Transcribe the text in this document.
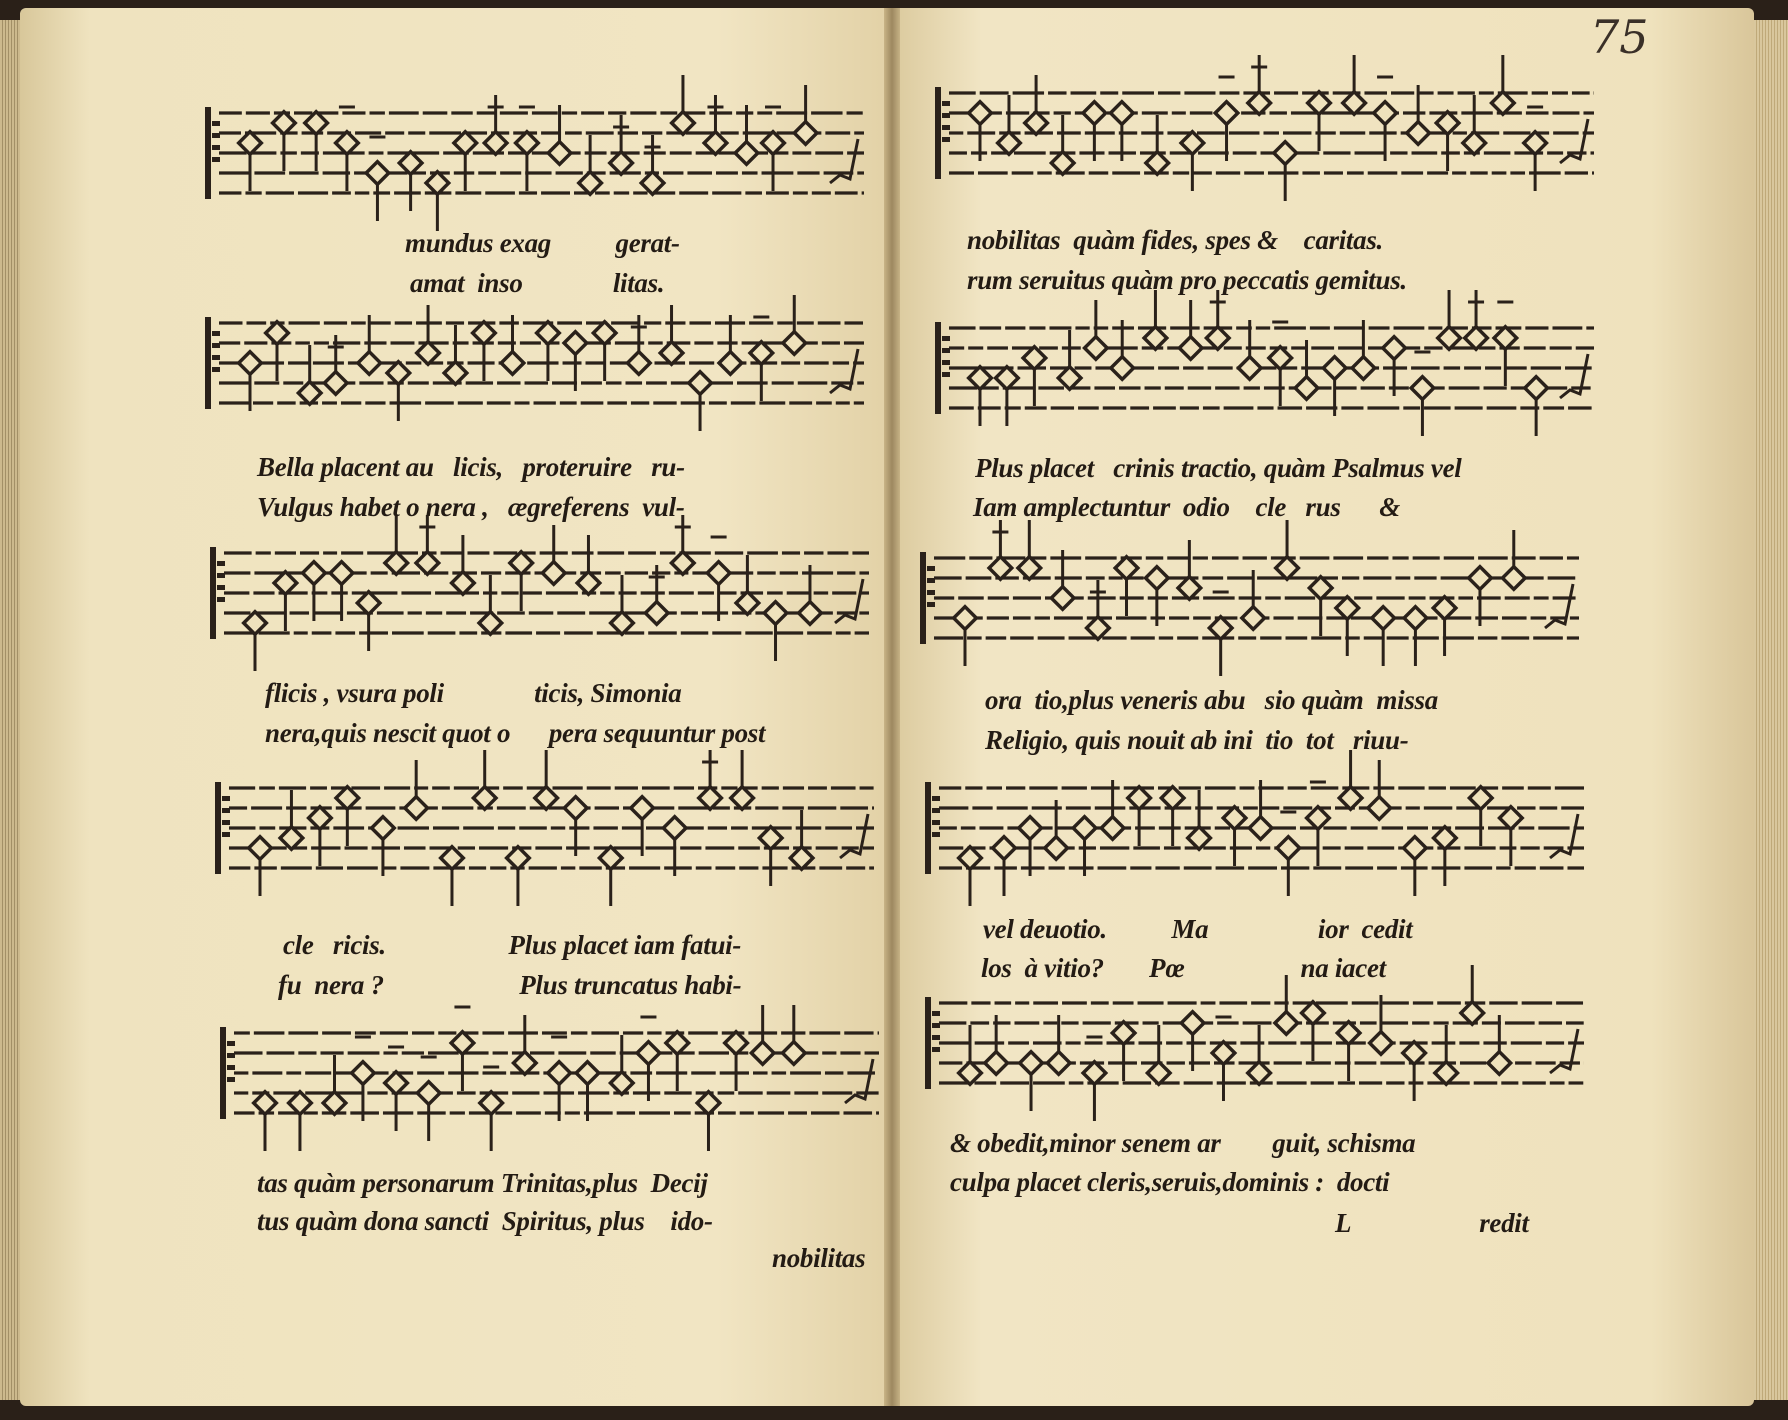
75
mundus exag          gerat-
amat  inso              litas.
Bella placent au   licis,   proteruire   ru-
Vulgus habet o nera ,   ægreferens  vul-
flicis , vsura poli              ticis, Simonia
nera,quis nescit quot o      pera sequuntur post
cle   ricis.                   Plus placet iam fatui-
fu  nera ?                     Plus truncatus habi-
tas quàm personarum Trinitas,plus  Decij
tus quàm dona sancti  Spiritus, plus    ido-
nobilitas
nobilitas  quàm fides, spes &    caritas.
rum seruitus quàm pro peccatis gemitus.
Plus placet   crinis tractio, quàm Psalmus vel
Iam amplectuntur  odio    cle   rus      &
ora  tio,plus veneris abu   sio quàm  missa
Religio, quis nouit ab ini  tio  tot   riuu-
vel deuotio.          Ma                 ior  cedit
los  à vitio?       Pœ                  na iacet
& obedit,minor senem ar        guit, schisma
culpa placet cleris,seruis,dominis :  docti
L                    redit
